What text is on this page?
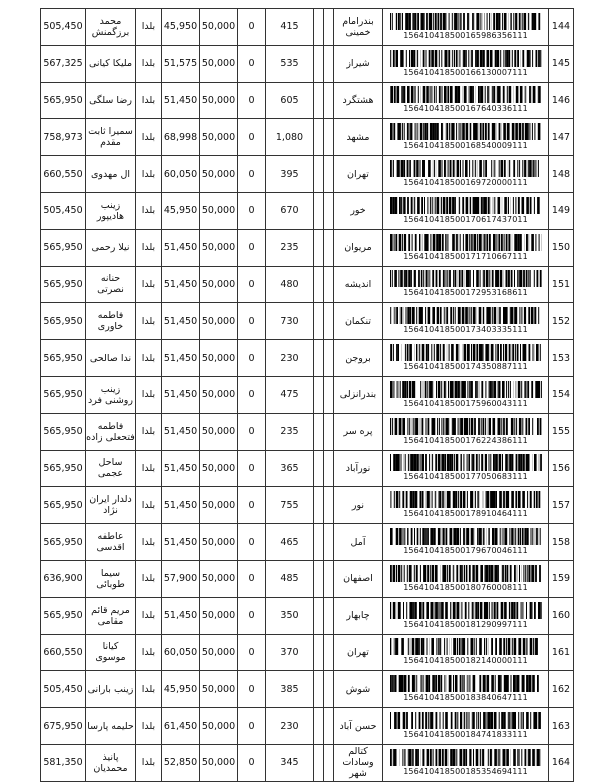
505,450	محمد برزگمنش	بلدا	45,950	50,000	0	415			بندرامام خمینی	156410418500165986356111	144
567,325	ملیکا کیانی	بلدا	51,575	50,000	0	535			شیراز	156410418500166130007111	145
565,950	رضا سلگی	بلدا	51,450	50,000	0	605			هشتگرد	156410418500167640336111	146
758,973	سمیرا ثابت مقدم	بلدا	68,998	50,000	0	1,080			مشهد	156410418500168540009111	147
660,550	ال مهدوی	بلدا	60,050	50,000	0	395			تهران	156410418500169720000111	148
505,450	زینب هادیپور	بلدا	45,950	50,000	0	670			خور	156410418500170617437011	149
565,950	نیلا رحمی	بلدا	51,450	50,000	0	235			مریوان	156410418500171710667111	150
565,950	حنانه نصرتی	بلدا	51,450	50,000	0	480			اندیشه	156410418500172953168611	151
565,950	فاطمه خاوری	بلدا	51,450	50,000	0	730			تنکمان	156410418500173403335111	152
565,950	ندا صالحی	بلدا	51,450	50,000	0	230			بروجن	156410418500174350887111	153
565,950	زینب روشنی فرد	بلدا	51,450	50,000	0	475			بندرانزلی	156410418500175960043111	154
565,950	فاطمه فتحعلی زاده	بلدا	51,450	50,000	0	235			پره سر	156410418500176224386111	155
565,950	ساحل عجمی	بلدا	51,450	50,000	0	365			نورآباد	156410418500177050683111	156
565,950	دلدار ایران نژاد	بلدا	51,450	50,000	0	755			نور	156410418500178910464111	157
565,950	عاطفه اقدسی	بلدا	51,450	50,000	0	465			آمل	156410418500179670046111	158
636,900	سیما طوبائی	بلدا	57,900	50,000	0	485			اصفهان	156410418500180760008111	159
565,950	مریم قائم مقامی	بلدا	51,450	50,000	0	350			چابهار	156410418500181290997111	160
660,550	کیانا موسوی	بلدا	60,050	50,000	0	370			تهران	156410418500182140000111	161
505,450	زینب بارانی	بلدا	45,950	50,000	0	385			شوش	156410418500183840647111	162
675,950	حلیمه پارسا	بلدا	61,450	50,000	0	230			حسن آباد	156410418500184741833111	163
581,350	پانیذ محمدیان	بلدا	52,850	50,000	0	345			کتالم وسادات شهر	156410418500185354694111	164
